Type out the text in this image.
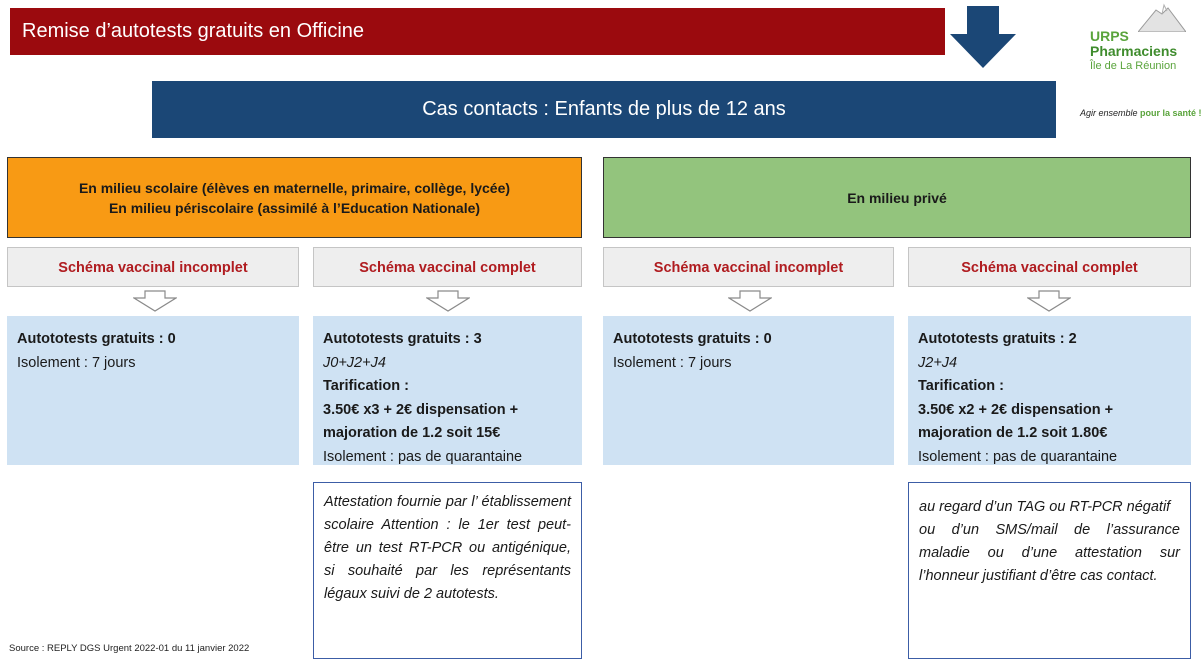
Remise d’autotests gratuits en Officine	URPS
Pharmaciens
Île de La Réunion
Agir ensemble pour la santé !
Cas contacts : Enfants de plus de 12 ans
En milieu scolaire (élèves en maternelle, primaire, collège, lycée)
En milieu périscolaire (assimilé à l’Education Nationale)
En milieu privé
Schéma vaccinal incomplet	Schéma vaccinal complet	Schéma vaccinal incomplet	Schéma vaccinal complet
Autototests gratuits : 0
Isolement : 7 jours
Autototests gratuits : 3
J0+J2+J4
Tarification :
3.50€ x3 + 2€ dispensation +
majoration de 1.2 soit 15€
Isolement : pas de quarantaine
Autototests gratuits : 0
Isolement : 7 jours
Autototests gratuits : 2
J2+J4
Tarification :
3.50€ x2 + 2€ dispensation +
majoration de 1.2 soit 1.80€
Isolement : pas de quarantaine
Attestation fournie par l’ établissement scolaire Attention : le 1er test peut-être un test RT-PCR ou antigénique, si souhaité par les représentants légaux suivi de 2 autotests.
au regard d’un TAG ou RT-PCR négatif
ou d’un SMS/mail de l’assurance maladie ou d’une attestation sur l’honneur justifiant d’être cas contact.
Source : REPLY DGS Urgent 2022-01 du 11 janvier 2022
